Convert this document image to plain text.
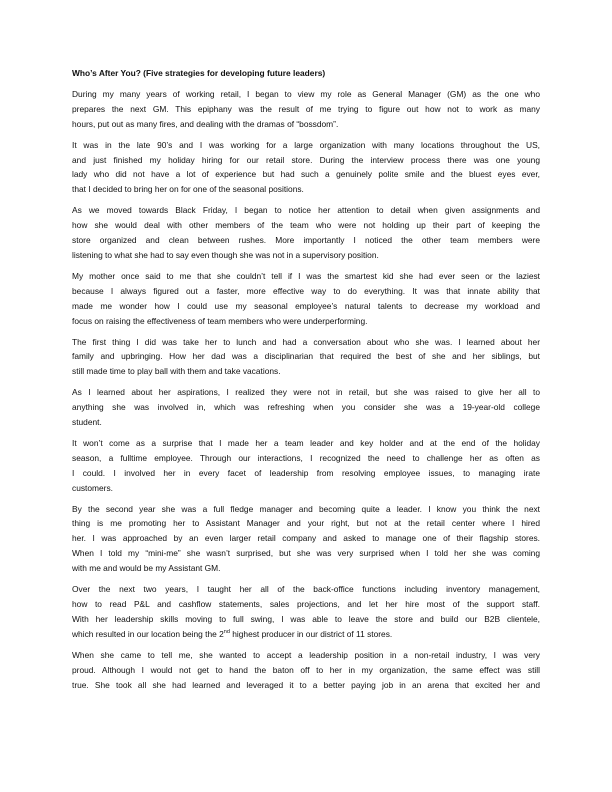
Who’s After You? (Five strategies for developing future leaders)
During my many years of working retail, I began to view my role as General Manager (GM) as the one who
prepares the next GM. This epiphany was the result of me trying to figure out how not to work as many
hours, put out as many fires, and dealing with the dramas of “bossdom”.
It was in the late 90’s and I was working for a large organization with many locations throughout the US,
and just finished my holiday hiring for our retail store. During the interview process there was one young
lady who did not have a lot of experience but had such a genuinely polite smile and the bluest eyes ever,
that I decided to bring her on for one of the seasonal positions.
As we moved towards Black Friday, I began to notice her attention to detail when given assignments and
how she would deal with other members of the team who were not holding up their part of keeping the
store organized and clean between rushes. More importantly I noticed the other team members were
listening to what she had to say even though she was not in a supervisory position.
My mother once said to me that she couldn’t tell if I was the smartest kid she had ever seen or the laziest
because I always figured out a faster, more effective way to do everything. It was that innate ability that
made me wonder how I could use my seasonal employee’s natural talents to decrease my workload and
focus on raising the effectiveness of team members who were underperforming.
The first thing I did was take her to lunch and had a conversation about who she was. I learned about her
family and upbringing. How her dad was a disciplinarian that required the best of she and her siblings, but
still made time to play ball with them and take vacations.
As I learned about her aspirations, I realized they were not in retail, but she was raised to give her all to
anything she was involved in, which was refreshing when you consider she was a 19-year-old college
student.
It won’t come as a surprise that I made her a team leader and key holder and at the end of the holiday
season, a fulltime employee. Through our interactions, I recognized the need to challenge her as often as
I could. I involved her in every facet of leadership from resolving employee issues, to managing irate
customers.
By the second year she was a full fledge manager and becoming quite a leader. I know you think the next
thing is me promoting her to Assistant Manager and your right, but not at the retail center where I hired
her. I was approached by an even larger retail company and asked to manage one of their flagship stores.
When I told my “mini-me” she wasn’t surprised, but she was very surprised when I told her she was coming
with me and would be my Assistant GM.
Over the next two years, I taught her all of the back-office functions including inventory management,
how to read P&L and cashflow statements, sales projections, and let her hire most of the support staff.
With her leadership skills moving to full swing, I was able to leave the store and build our B2B clientele,
which resulted in our location being the 2nd highest producer in our district of 11 stores.
When she came to tell me, she wanted to accept a leadership position in a non-retail industry, I was very
proud. Although I would not get to hand the baton off to her in my organization, the same effect was still
true. She took all she had learned and leveraged it to a better paying job in an arena that excited her and
